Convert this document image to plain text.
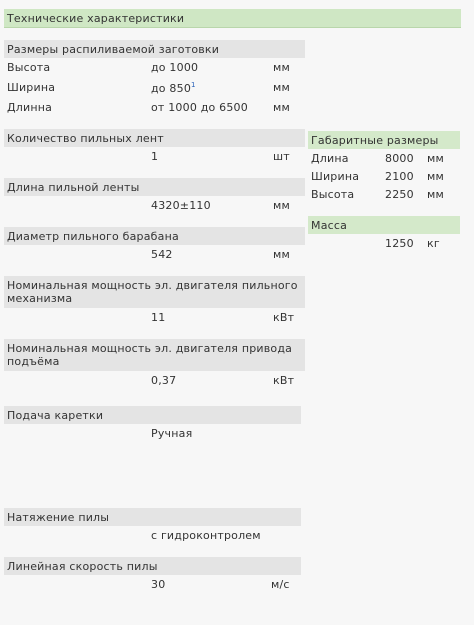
Технические характеристики
Размеры распиливаемой заготовки
Высота	до 1000	мм
Ширина	до $850^1$	мм
Длинна	от 1000 до 6500 мм
Количество пильных лент
1	шт
Длина пильной ленты
4320±110	мм
Диаметр пильного барабана
542	мм
Номинальная мощность эл. двигателя пильного механизма
11	кВт
Номинальная мощность эл. двигателя привода подъёма
0,37	кВт
Подача каретки
Ручная
Натяжение пилы
с гидроконтролем
Линейная скорость пилы
30	м/с
Габаритные размеры
Длина	8000 мм
Ширина 2100 мм
Высота	2250 мм
Масса
1250 кг
